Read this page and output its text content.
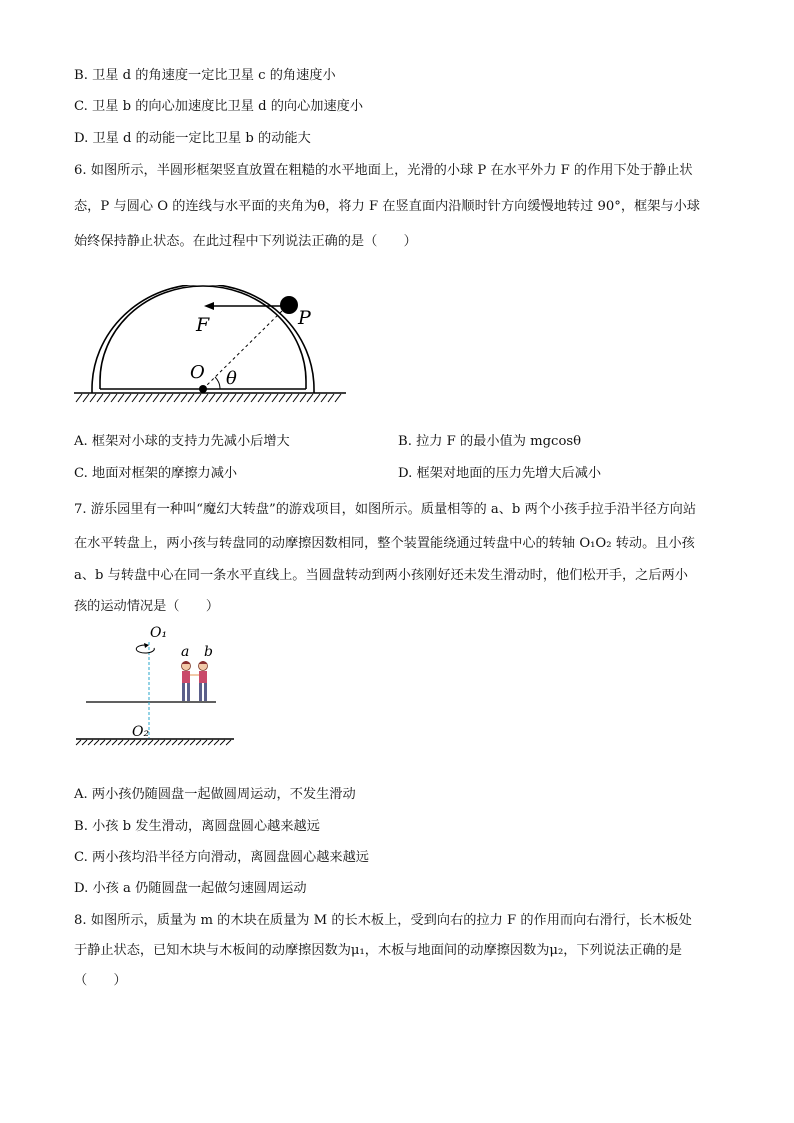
B. 卫星 d 的角速度一定比卫星 c 的角速度小
C. 卫星 b 的向心加速度比卫星 d 的向心加速度小
D. 卫星 d 的动能一定比卫星 b 的动能大
6. 如图所示，半圆形框架竖直放置在粗糙的水平地面上，光滑的小球 P 在水平外力 F 的作用下处于静止状
态，P 与圆心 O 的连线与水平面的夹角为θ，将力 F 在竖直面内沿顺时针方向缓慢地转过 90°，框架与小球
始终保持静止状态。在此过程中下列说法正确的是（　　）
F	P
O θ
A. 框架对小球的支持力先减小后增大	B. 拉力 F 的最小值为 mgcosθ
C. 地面对框架的摩擦力减小	D. 框架对地面的压力先增大后减小
7. 游乐园里有一种叫“魔幻大转盘”的游戏项目，如图所示。质量相等的 a、b 两个小孩手拉手沿半径方向站
在水平转盘上，两小孩与转盘同的动摩擦因数相同，整个装置能绕通过转盘中心的转轴 O₁O₂ 转动。且小孩
a、b 与转盘中心在同一条水平直线上。当圆盘转动到两小孩刚好还未发生滑动时，他们松开手，之后两小
孩的运动情况是（　　）
O₁
O₂
a b
A. 两小孩仍随圆盘一起做圆周运动，不发生滑动
B. 小孩 b 发生滑动，离圆盘圆心越来越远
C. 两小孩均沿半径方向滑动，离圆盘圆心越来越远
D. 小孩 a 仍随圆盘一起做匀速圆周运动
8. 如图所示，质量为 m 的木块在质量为 M 的长木板上，受到向右的拉力 F 的作用而向右滑行，长木板处
于静止状态，已知木块与木板间的动摩擦因数为μ₁，木板与地面间的动摩擦因数为μ₂，下列说法正确的是
（　　）
